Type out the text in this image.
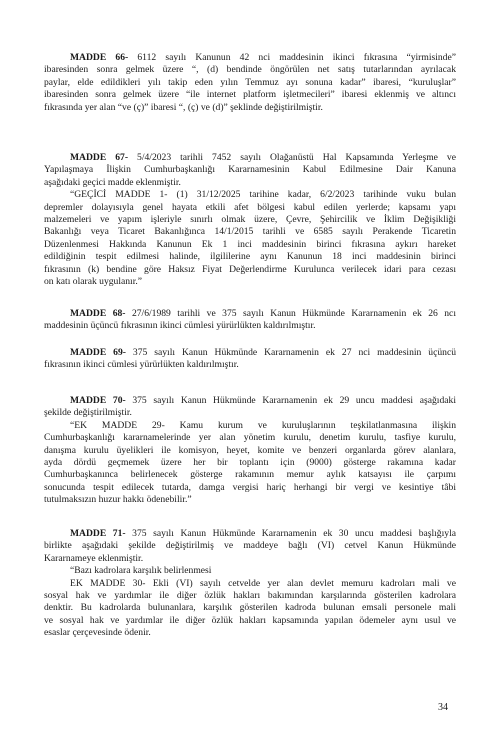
MADDE 66- 6112 sayılı Kanunun 42 nci maddesinin ikinci fıkrasına “yirmisinde”
ibaresinden sonra gelmek üzere “, (d) bendinde öngörülen net satış tutarlarından ayrılacak
paylar, elde edildikleri yılı takip eden yılın Temmuz ayı sonuna kadar” ibaresi, “kuruluşlar”
ibaresinden sonra gelmek üzere “ile internet platform işletmecileri” ibaresi eklenmiş ve altıncı
fıkrasında yer alan “ve (ç)” ibaresi “, (ç) ve (d)” şeklinde değiştirilmiştir.
MADDE 67- 5/4/2023 tarihli 7452 sayılı Olağanüstü Hal Kapsamında Yerleşme ve
Yapılaşmaya İlişkin Cumhurbaşkanlığı Kararnamesinin Kabul Edilmesine Dair Kanuna
aşağıdaki geçici madde eklenmiştir.
“GEÇİCİ MADDE 1- (1) 31/12/2025 tarihine kadar, 6/2/2023 tarihinde vuku bulan
depremler dolayısıyla genel hayata etkili afet bölgesi kabul edilen yerlerde; kapsamı yapı
malzemeleri ve yapım işleriyle sınırlı olmak üzere, Çevre, Şehircilik ve İklim Değişikliği
Bakanlığı veya Ticaret Bakanlığınca 14/1/2015 tarihli ve 6585 sayılı Perakende Ticaretin
Düzenlenmesi Hakkında Kanunun Ek 1 inci maddesinin birinci fıkrasına aykırı hareket
edildiğinin tespit edilmesi halinde, ilgililerine aynı Kanunun 18 inci maddesinin birinci
fıkrasının (k) bendine göre Haksız Fiyat Değerlendirme Kurulunca verilecek idari para cezası
on katı olarak uygulanır.”
MADDE 68- 27/6/1989 tarihli ve 375 sayılı Kanun Hükmünde Kararnamenin ek 26 ncı
maddesinin üçüncü fıkrasının ikinci cümlesi yürürlükten kaldırılmıştır.
MADDE 69- 375 sayılı Kanun Hükmünde Kararnamenin ek 27 nci maddesinin üçüncü
fıkrasının ikinci cümlesi yürürlükten kaldırılmıştır.
MADDE 70- 375 sayılı Kanun Hükmünde Kararnamenin ek 29 uncu maddesi aşağıdaki
şekilde değiştirilmiştir.
“EK MADDE 29- Kamu kurum ve kuruluşlarının teşkilatlanmasına ilişkin
Cumhurbaşkanlığı kararnamelerinde yer alan yönetim kurulu, denetim kurulu, tasfiye kurulu,
danışma kurulu üyelikleri ile komisyon, heyet, komite ve benzeri organlarda görev alanlara,
ayda dördü geçmemek üzere her bir toplantı için (9000) gösterge rakamına kadar
Cumhurbaşkanınca belirlenecek gösterge rakamının memur aylık katsayısı ile çarpımı
sonucunda tespit edilecek tutarda, damga vergisi hariç herhangi bir vergi ve kesintiye tâbi
tutulmaksızın huzur hakkı ödenebilir.”
MADDE 71- 375 sayılı Kanun Hükmünde Kararnamenin ek 30 uncu maddesi başlığıyla
birlikte aşağıdaki şekilde değiştirilmiş ve maddeye bağlı (VI) cetvel Kanun Hükmünde
Kararnameye eklenmiştir.
“Bazı kadrolara karşılık belirlenmesi
EK MADDE 30- Ekli (VI) sayılı cetvelde yer alan devlet memuru kadroları mali ve
sosyal hak ve yardımlar ile diğer özlük hakları bakımından karşılarında gösterilen kadrolara
denktir. Bu kadrolarda bulunanlara, karşılık gösterilen kadroda bulunan emsali personele mali
ve sosyal hak ve yardımlar ile diğer özlük hakları kapsamında yapılan ödemeler aynı usul ve
esaslar çerçevesinde ödenir.
34
